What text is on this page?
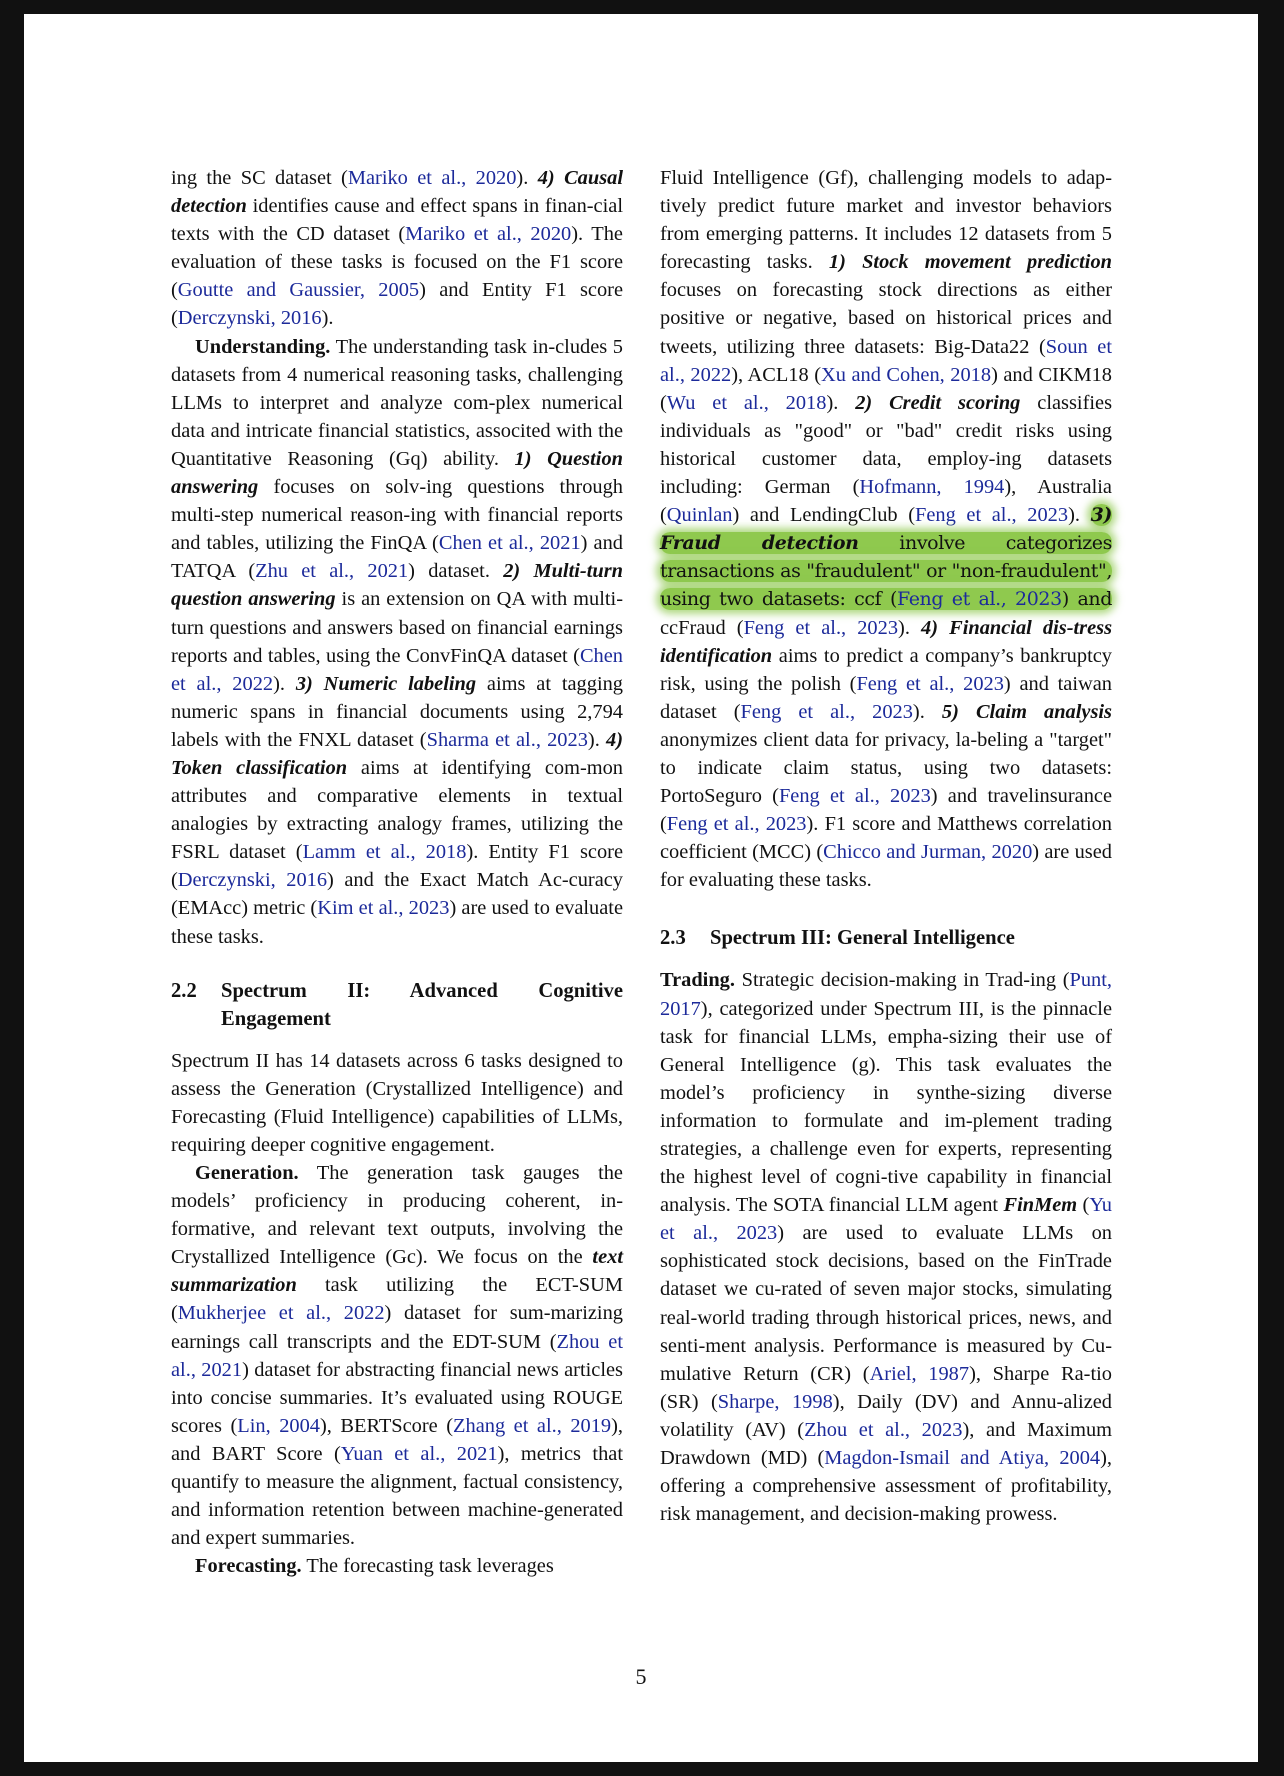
ing the SC dataset (Mariko et al., 2020). 4) Causal detection identifies cause and effect spans in finan-cial texts with the CD dataset (Mariko et al., 2020). The evaluation of these tasks is focused on the F1 score (Goutte and Gaussier, 2005) and Entity F1 score (Derczynski, 2016).

Understanding. The understanding task in-cludes 5 datasets from 4 numerical reasoning tasks, challenging LLMs to interpret and analyze com-plex numerical data and intricate financial statistics, associted with the Quantitative Reasoning (Gq) ability. 1) Question answering focuses on solv-ing questions through multi-step numerical reason-ing with financial reports and tables, utilizing the FinQA (Chen et al., 2021) and TATQA (Zhu et al., 2021) dataset. 2) Multi-turn question answering is an extension on QA with multi-turn questions and answers based on financial earnings reports and tables, using the ConvFinQA dataset (Chen et al., 2022). 3) Numeric labeling aims at tagging numeric spans in financial documents using 2,794 labels with the FNXL dataset (Sharma et al., 2023). 4) Token classification aims at identifying com-mon attributes and comparative elements in textual analogies by extracting analogy frames, utilizing the FSRL dataset (Lamm et al., 2018). Entity F1 score (Derczynski, 2016) and the Exact Match Ac-curacy (EMAcc) metric (Kim et al., 2023) are used to evaluate these tasks.

2.2	Spectrum II: Advanced Cognitive Engagement

Spectrum II has 14 datasets across 6 tasks designed to assess the Generation (Crystallized Intelligence) and Forecasting (Fluid Intelligence) capabilities of LLMs, requiring deeper cognitive engagement.

Generation. The generation task gauges the models’ proficiency in producing coherent, in-formative, and relevant text outputs, involving the Crystallized Intelligence (Gc). We focus on the text summarization task utilizing the ECT-SUM (Mukherjee et al., 2022) dataset for sum-marizing earnings call transcripts and the EDT-SUM (Zhou et al., 2021) dataset for abstracting financial news articles into concise summaries. It’s evaluated using ROUGE scores (Lin, 2004), BERTScore (Zhang et al., 2019), and BART Score (Yuan et al., 2021), metrics that quantify to measure the alignment, factual consistency, and information retention between machine-generated and expert summaries.

Forecasting. The forecasting task leverages

Fluid Intelligence (Gf), challenging models to adap-tively predict future market and investor behaviors from emerging patterns. It includes 12 datasets from 5 forecasting tasks. 1) Stock movement prediction focuses on forecasting stock directions as either positive or negative, based on historical prices and tweets, utilizing three datasets: Big-Data22 (Soun et al., 2022), ACL18 (Xu and Cohen, 2018) and CIKM18 (Wu et al., 2018). 2) Credit scoring classifies individuals as "good" or "bad" credit risks using historical customer data, employ-ing datasets including: German (Hofmann, 1994), Australia (Quinlan) and LendingClub (Feng et al., 2023). 3) Fraud detection involve categorizes transactions as "fraudulent" or "non-fraudulent", using two datasets: ccf (Feng et al., 2023) and ccFraud (Feng et al., 2023). 4) Financial dis-tress identification aims to predict a company’s bankruptcy risk, using the polish (Feng et al., 2023) and taiwan dataset (Feng et al., 2023). 5) Claim analysis anonymizes client data for privacy, la-beling a "target" to indicate claim status, using two datasets: PortoSeguro (Feng et al., 2023) and travelinsurance (Feng et al., 2023). F1 score and Matthews correlation coefficient (MCC) (Chicco and Jurman, 2020) are used for evaluating these tasks.

2.3	Spectrum III: General Intelligence

Trading. Strategic decision-making in Trad-ing (Punt, 2017), categorized under Spectrum III, is the pinnacle task for financial LLMs, empha-sizing their use of General Intelligence (g). This task evaluates the model’s proficiency in synthe-sizing diverse information to formulate and im-plement trading strategies, a challenge even for experts, representing the highest level of cogni-tive capability in financial analysis. The SOTA financial LLM agent FinMem (Yu et al., 2023) are used to evaluate LLMs on sophisticated stock decisions, based on the FinTrade dataset we cu-rated of seven major stocks, simulating real-world trading through historical prices, news, and senti-ment analysis. Performance is measured by Cu-mulative Return (CR) (Ariel, 1987), Sharpe Ra-tio (SR) (Sharpe, 1998), Daily (DV) and Annu-alized volatility (AV) (Zhou et al., 2023), and Maximum Drawdown (MD) (Magdon-Ismail and Atiya, 2004), offering a comprehensive assessment of profitability, risk management, and decision-making prowess.

5
